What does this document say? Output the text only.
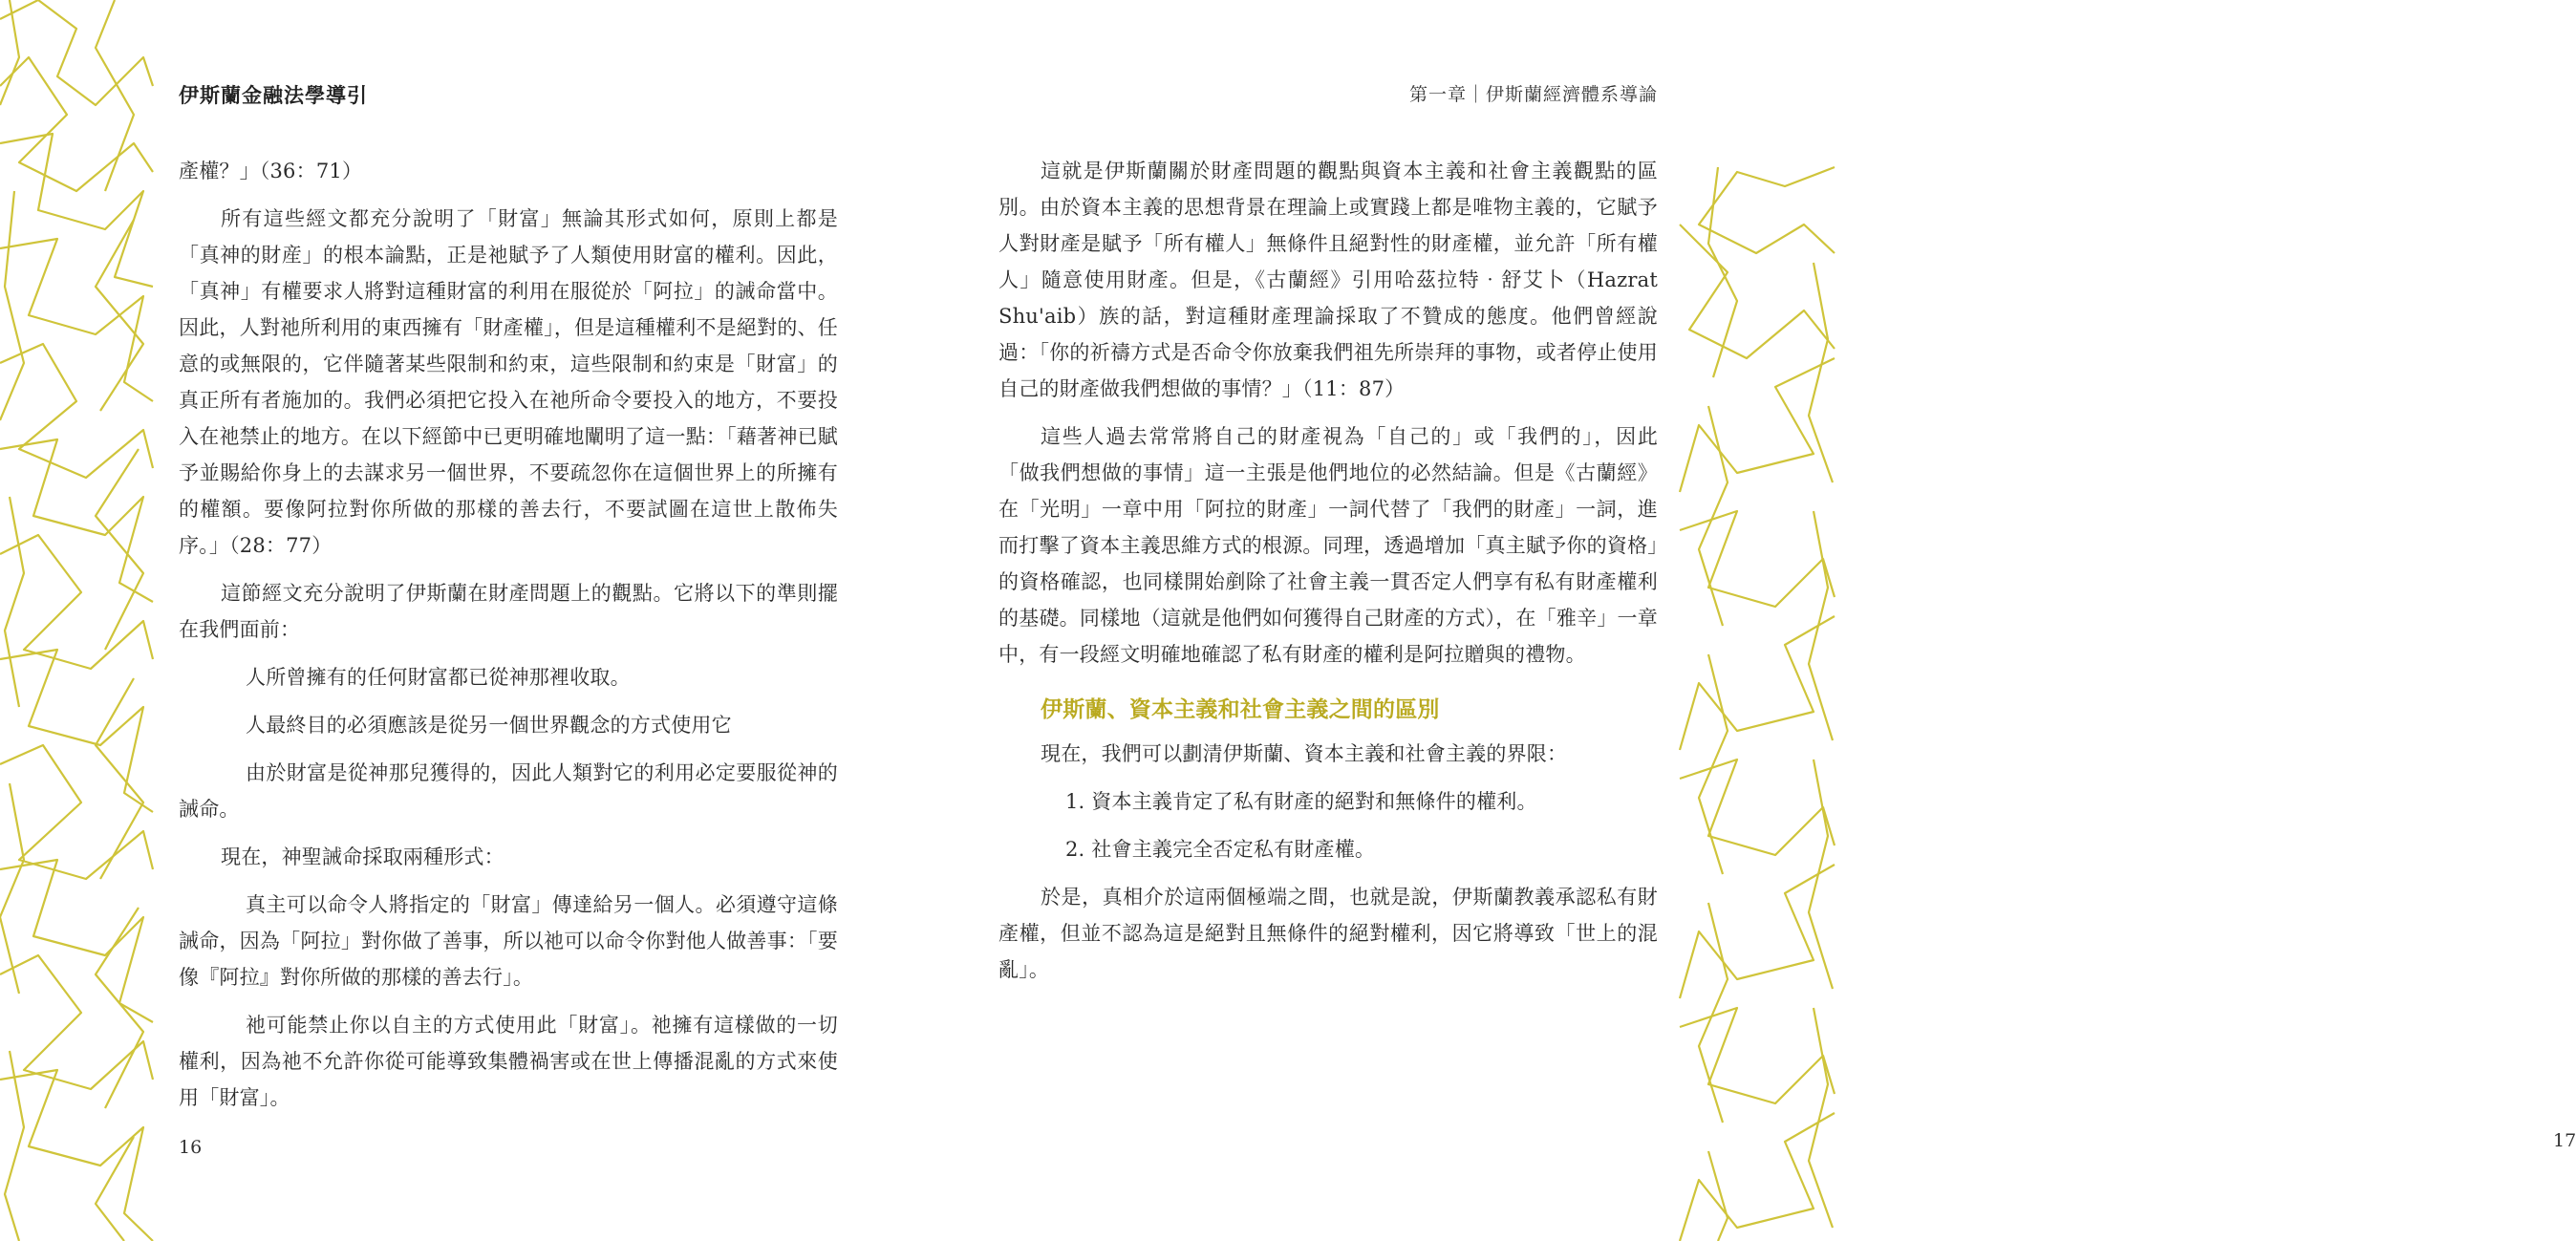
伊斯蘭金融法學導引

產權？」（36：71）

所有這些經文都充分說明了「財富」無論其形式如何，原則上都是「真神的財産」的根本論點，正是祂賦予了人類使用財富的權利。因此，「真神」有權要求人將對這種財富的利用在服從於「阿拉」的誡命當中。因此，人對祂所利用的東西擁有「財產權」，但是這種權利不是絕對的、任意的或無限的，它伴隨著某些限制和約束，這些限制和約束是「財富」的真正所有者施加的。我們必須把它投入在祂所命令要投入的地方，不要投入在祂禁止的地方。在以下經節中已更明確地闡明了這一點：「藉著神已賦予並賜給你身上的去謀求另一個世界，不要疏忽你在這個世界上的所擁有的權額。要像阿拉對你所做的那樣的善去行，不要試圖在這世上散佈失序。」（28：77）

這節經文充分說明了伊斯蘭在財產問題上的觀點。它將以下的準則擺在我們面前：

人所曾擁有的任何財富都已從神那裡收取。

人最終目的必須應該是從另一個世界觀念的方式使用它

由於財富是從神那兒獲得的，因此人類對它的利用必定要服從神的誡命。

現在，神聖誡命採取兩種形式：

真主可以命令人將指定的「財富」傳達給另一個人。必須遵守這條誡命，因為「阿拉」對你做了善事，所以祂可以命令你對他人做善事：「要像『阿拉』對你所做的那樣的善去行」。

祂可能禁止你以自主的方式使用此「財富」。祂擁有這樣做的一切權利，因為祂不允許你從可能導致集體禍害或在世上傳播混亂的方式來使用「財富」。

16
第一章｜伊斯蘭經濟體系導論
17

這就是伊斯蘭關於財產問題的觀點與資本主義和社會主義觀點的區別。由於資本主義的思想背景在理論上或實踐上都是唯物主義的，它賦予人對財產是賦予「所有權人」無條件且絕對性的財產權，並允許「所有權人」隨意使用財產。但是，《古蘭經》引用哈茲拉特‧舒艾卜（Hazrat Shu'aib）族的話，對這種財產理論採取了不贊成的態度。他們曾經說過：「你的祈禱方式是否命令你放棄我們祖先所崇拜的事物，或者停止使用自己的財產做我們想做的事情？」（11：87）

這些人過去常常將自己的財產視為「自己的」或「我們的」，因此「做我們想做的事情」這一主張是他們地位的必然結論。但是《古蘭經》在「光明」一章中用「阿拉的財產」一詞代替了「我們的財產」一詞，進而打擊了資本主義思維方式的根源。同理，透過增加「真主賦予你的資格」的資格確認，也同樣開始剷除了社會主義一貫否定人們享有私有財產權利的基礎。同樣地（這就是他們如何獲得自己財產的方式），在「雅辛」一章中，有一段經文明確地確認了私有財產的權利是阿拉贈與的禮物。

伊斯蘭、資本主義和社會主義之間的區別

現在，我們可以劃清伊斯蘭、資本主義和社會主義的界限：

1. 資本主義肯定了私有財產的絕對和無條件的權利。

2. 社會主義完全否定私有財產權。

於是，真相介於這兩個極端之間，也就是說，伊斯蘭教義承認私有財產權，但並不認為這是絕對且無條件的絕對權利，因它將導致「世上的混亂」。
